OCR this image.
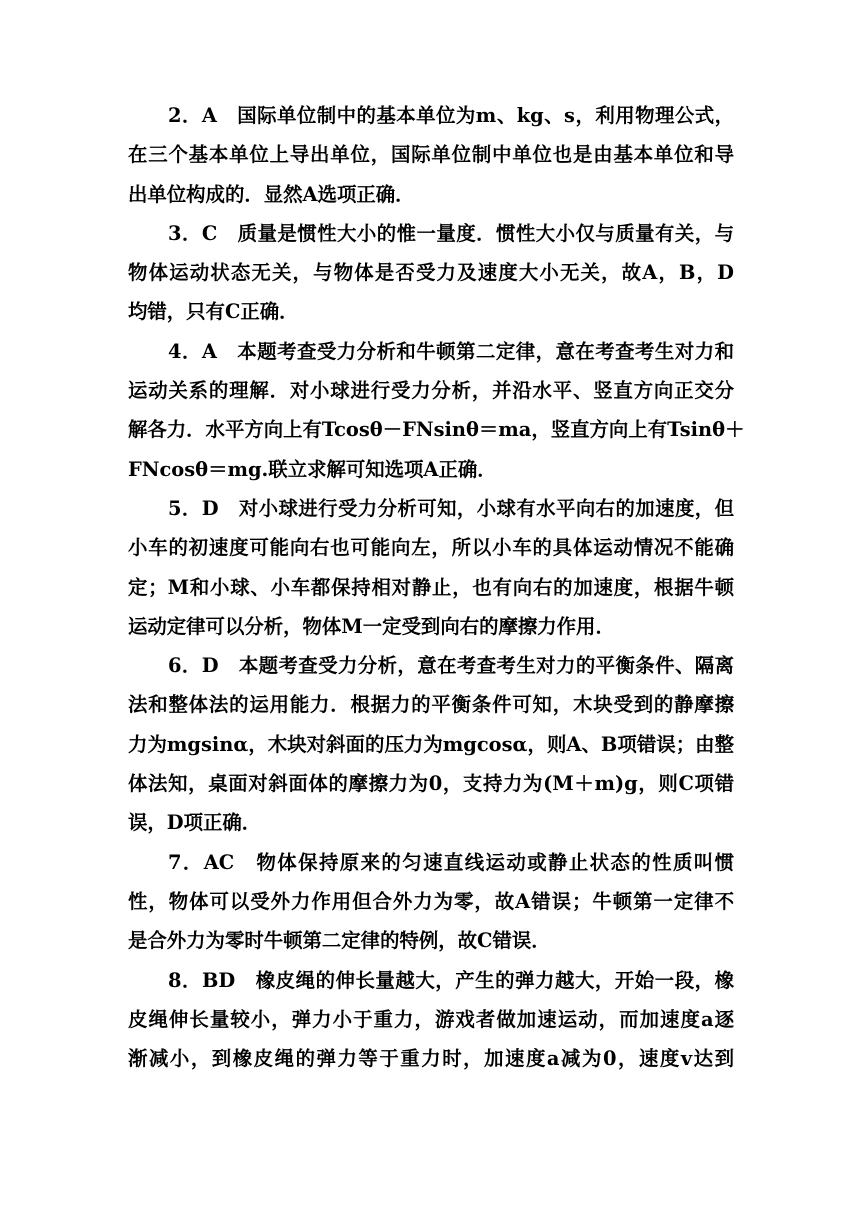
2．A　国际单位制中的基本单位为m、kg、s，利用物理公式，
在三个基本单位上导出单位，国际单位制中单位也是由基本单位和导
出单位构成的．显然A选项正确．
3．C　质量是惯性大小的惟一量度．惯性大小仅与质量有关，与
物体运动状态无关，与物体是否受力及速度大小无关，故A，B，D
均错，只有C正确．
4．A　本题考查受力分析和牛顿第二定律，意在考查考生对力和
运动关系的理解．对小球进行受力分析，并沿水平、竖直方向正交分
解各力．水平方向上有Tcosθ－FNsinθ＝ma，竖直方向上有Tsinθ＋
FNcosθ＝mg.联立求解可知选项A正确．
5．D　对小球进行受力分析可知，小球有水平向右的加速度，但
小车的初速度可能向右也可能向左，所以小车的具体运动情况不能确
定；M和小球、小车都保持相对静止，也有向右的加速度，根据牛顿
运动定律可以分析，物体M一定受到向右的摩擦力作用．
6．D　本题考查受力分析，意在考查考生对力的平衡条件、隔离
法和整体法的运用能力．根据力的平衡条件可知，木块受到的静摩擦
力为mgsinα，木块对斜面的压力为mgcosα，则A、B项错误；由整
体法知，桌面对斜面体的摩擦力为0，支持力为(M＋m)g，则C项错
误，D项正确．
7．AC　物体保持原来的匀速直线运动或静止状态的性质叫惯
性，物体可以受外力作用但合外力为零，故A错误；牛顿第一定律不
是合外力为零时牛顿第二定律的特例，故C错误．
8．BD　橡皮绳的伸长量越大，产生的弹力越大，开始一段，橡
皮绳伸长量较小，弹力小于重力，游戏者做加速运动，而加速度a逐
渐减小，到橡皮绳的弹力等于重力时，加速度a减为0，速度v达到
